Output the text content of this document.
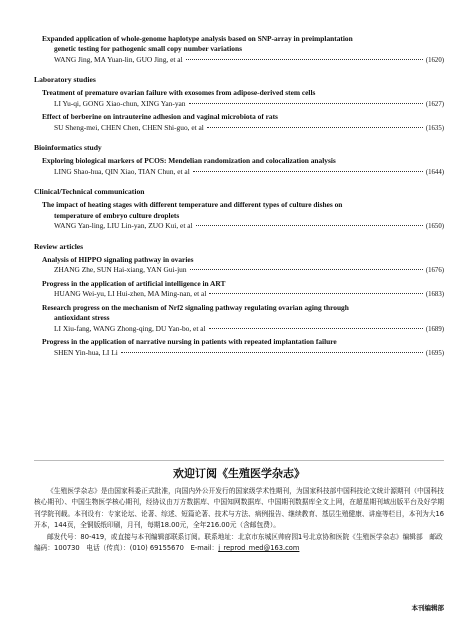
Expanded application of whole-genome haplotype analysis based on SNP-array in preimplantation
genetic testing for pathogenic small copy number variations
WANG Jing, MA Yuan-lin, GUO Jing, et al	(1620)
Laboratory studies
Treatment of premature ovarian failure with exosomes from adipose-derived stem cells
LI Yu-qi, GONG Xiao-chun, XING Yan-yan	(1627)
Effect of berberine on intrauterine adhesion and vaginal microbiota of rats
SU Sheng-mei, CHEN Chen, CHEN Shi-guo, et al	(1635)
Bioinformatics study
Exploring biological markers of PCOS: Mendelian randomization and colocalization analysis
LING Shao-hua, QIN Xiao, TIAN Chun, et al	(1644)
Clinical/Technical communication
The impact of heating stages with different temperature and different types of culture dishes on
temperature of embryo culture droplets
WANG Yan-ling, LIU Lin-yan, ZUO Kui, et al	(1650)
Review articles
Analysis of HIPPO signaling pathway in ovaries
ZHANG Zhe, SUN Hai-xiang, YAN Gui-jun	(1676)
Progress in the application of artificial intelligence in ART
HUANG Wei-yu, LI Hui-zhen, MA Ming-nan, et al	(1683)
Research progress on the mechanism of Nrf2 signaling pathway regulating ovarian aging through
antioxidant stress
LI Xiu-fang, WANG Zhong-qing, DU Yan-bo, et al	(1689)
Progress in the application of narrative nursing in patients with repeated implantation failure
SHEN Yin-hua, LI Li	(1695)
欢迎订阅《生殖医学杂志》
《生殖医学杂志》是由国家科委正式批准，向国内外公开发行的国家级学术性期刊，为国家科技部中国科技论文统计源期刊（中国科技核心期刊）、中国生物医学核心期刊，经协议由万方数据库、中国知网数据库、中国期刊数据库全文上网，在超星期刊域出版平台及好学期刊学院刊载。本刊设有：专家论坛、论著、综述、短篇论著、技术与方法、病例报告、继续教育、基层生殖健康、讲座等栏目，本刊为大16开本，144页，全铜版纸印刷，月刊，每期18.00元，全年216.00元（含邮包费）。
邮发代号：80-419，或直接与本刊编辑部联系订阅。联系地址：北京市东城区帅府园1号北京协和医院《生殖医学杂志》编辑部　邮政编码：100730　电话（传真）：(010) 69155670　E-mail：j_reprod_med@163.com
本刊编辑部
